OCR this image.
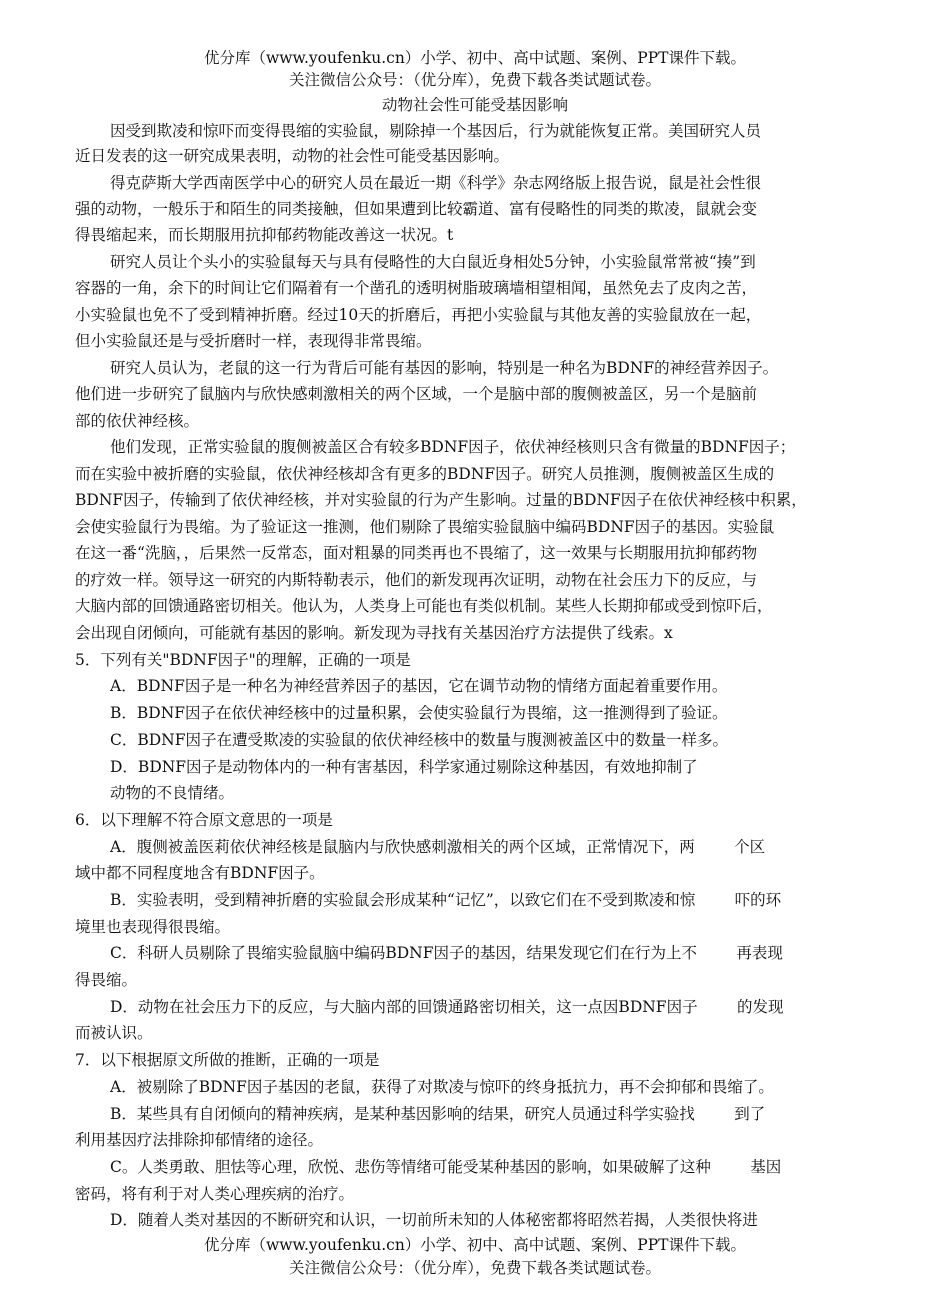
优分库（www.youfenku.cn）小学、初中、高中试题、案例、PPT课件下载。
关注微信公众号：（优分库），免费下载各类试题试卷。
动物社会性可能受基因影响
因受到欺凌和惊吓而变得畏缩的实验鼠，剔除掉一个基因后，行为就能恢复正常。美国研究人员
近日发表的这一研究成果表明，动物的社会性可能受基因影响。
得克萨斯大学西南医学中心的研究人员在最近一期《科学》杂志网络版上报告说，鼠是社会性很
强的动物，一般乐于和陌生的同类接触，但如果遭到比较霸道、富有侵略性的同类的欺凌，鼠就会变
得畏缩起来，而长期服用抗抑郁药物能改善这一状况。t
研究人员让个头小的实验鼠每天与具有侵略性的大白鼠近身相处5分钟，小实验鼠常常被“揍”到
容器的一角，余下的时间让它们隔着有一个凿孔的透明树脂玻璃墙相望相闻，虽然免去了皮肉之苦，
小实验鼠也免不了受到精神折磨。经过10天的折磨后，再把小实验鼠与其他友善的实验鼠放在一起，
但小实验鼠还是与受折磨时一样，表现得非常畏缩。
研究人员认为，老鼠的这一行为背后可能有基因的影响，特别是一种名为BDNF的神经营养因子。
他们进一步研究了鼠脑内与欣快感刺激相关的两个区域，一个是脑中部的腹侧被盖区，另一个是脑前
部的依伏神经核。
他们发现，正常实验鼠的腹侧被盖区合有较多BDNF因子，依伏神经核则只含有微量的BDNF因子；
而在实验中被折磨的实验鼠，依伏神经核却含有更多的BDNF因子。研究人员推测，腹侧被盖区生成的
BDNF因子，传输到了依伏神经核，并对实验鼠的行为产生影响。过量的BDNF因子在依伏神经核中积累，
会使实验鼠行为畏缩。为了验证这一推测，他们剔除了畏缩实验鼠脑中编码BDNF因子的基因。实验鼠
在这一番“洗脑，，后果然一反常态，面对粗暴的同类再也不畏缩了，这一效果与长期服用抗抑郁药物
的疗效一样。领导这一研究的内斯特勒表示，他们的新发现再次证明，动物在社会压力下的反应，与
大脑内部的回馈通路密切相关。他认为，人类身上可能也有类似机制。某些人长期抑郁或受到惊吓后，
会出现自闭倾向，可能就有基因的影响。新发现为寻找有关基因治疗方法提供了线索。x
5．下列有关"BDNF因子"的理解，正确的一项是
A．BDNF因子是一种名为神经营养因子的基因，它在调节动物的情绪方面起着重要作用。
B．BDNF因子在依伏神经核中的过量积累，会使实验鼠行为畏缩，这一推测得到了验证。
C．BDNF因子在遭受欺凌的实验鼠的依伏神经核中的数量与腹测被盖区中的数量一样多。
D．BDNF因子是动物体内的一种有害基因，科学家通过剔除这种基因，有效地抑制了
动物的不良情绪。
6．以下理解不符合原文意思的一项是
A．腹侧被盖医莉依伏神经核是鼠脑内与欣快感刺激相关的两个区域，正常情况下，两        个区
域中都不同程度地含有BDNF因子。
B．实验表明，受到精神折磨的实验鼠会形成某种“记忆”，以致它们在不受到欺凌和惊        吓的环
境里也表现得很畏缩。
C．科研人员剔除了畏缩实验鼠脑中编码BDNF因子的基因，结果发现它们在行为上不        再表现
得畏缩。
D．动物在社会压力下的反应，与大脑内部的回馈通路密切相关，这一点因BDNF因子        的发现
而被认识。
7．以下根据原文所做的推断，正确的一项是
A．被剔除了BDNF因子基因的老鼠，获得了对欺凌与惊吓的终身抵抗力，再不会抑郁和畏缩了。
B．某些具有自闭倾向的精神疾病，是某种基因影响的结果，研究人员通过科学实验找        到了
利用基因疗法排除抑郁情绪的途径。
C。人类勇敢、胆怯等心理，欣悦、悲伤等情绪可能受某种基因的影响，如果破解了这种        基因
密码，将有利于对人类心理疾病的治疗。
D．随着人类对基因的不断研究和认识，一切前所未知的人体秘密都将昭然若揭，人类很快将进
优分库（www.youfenku.cn）小学、初中、高中试题、案例、PPT课件下载。
关注微信公众号：（优分库），免费下载各类试题试卷。
